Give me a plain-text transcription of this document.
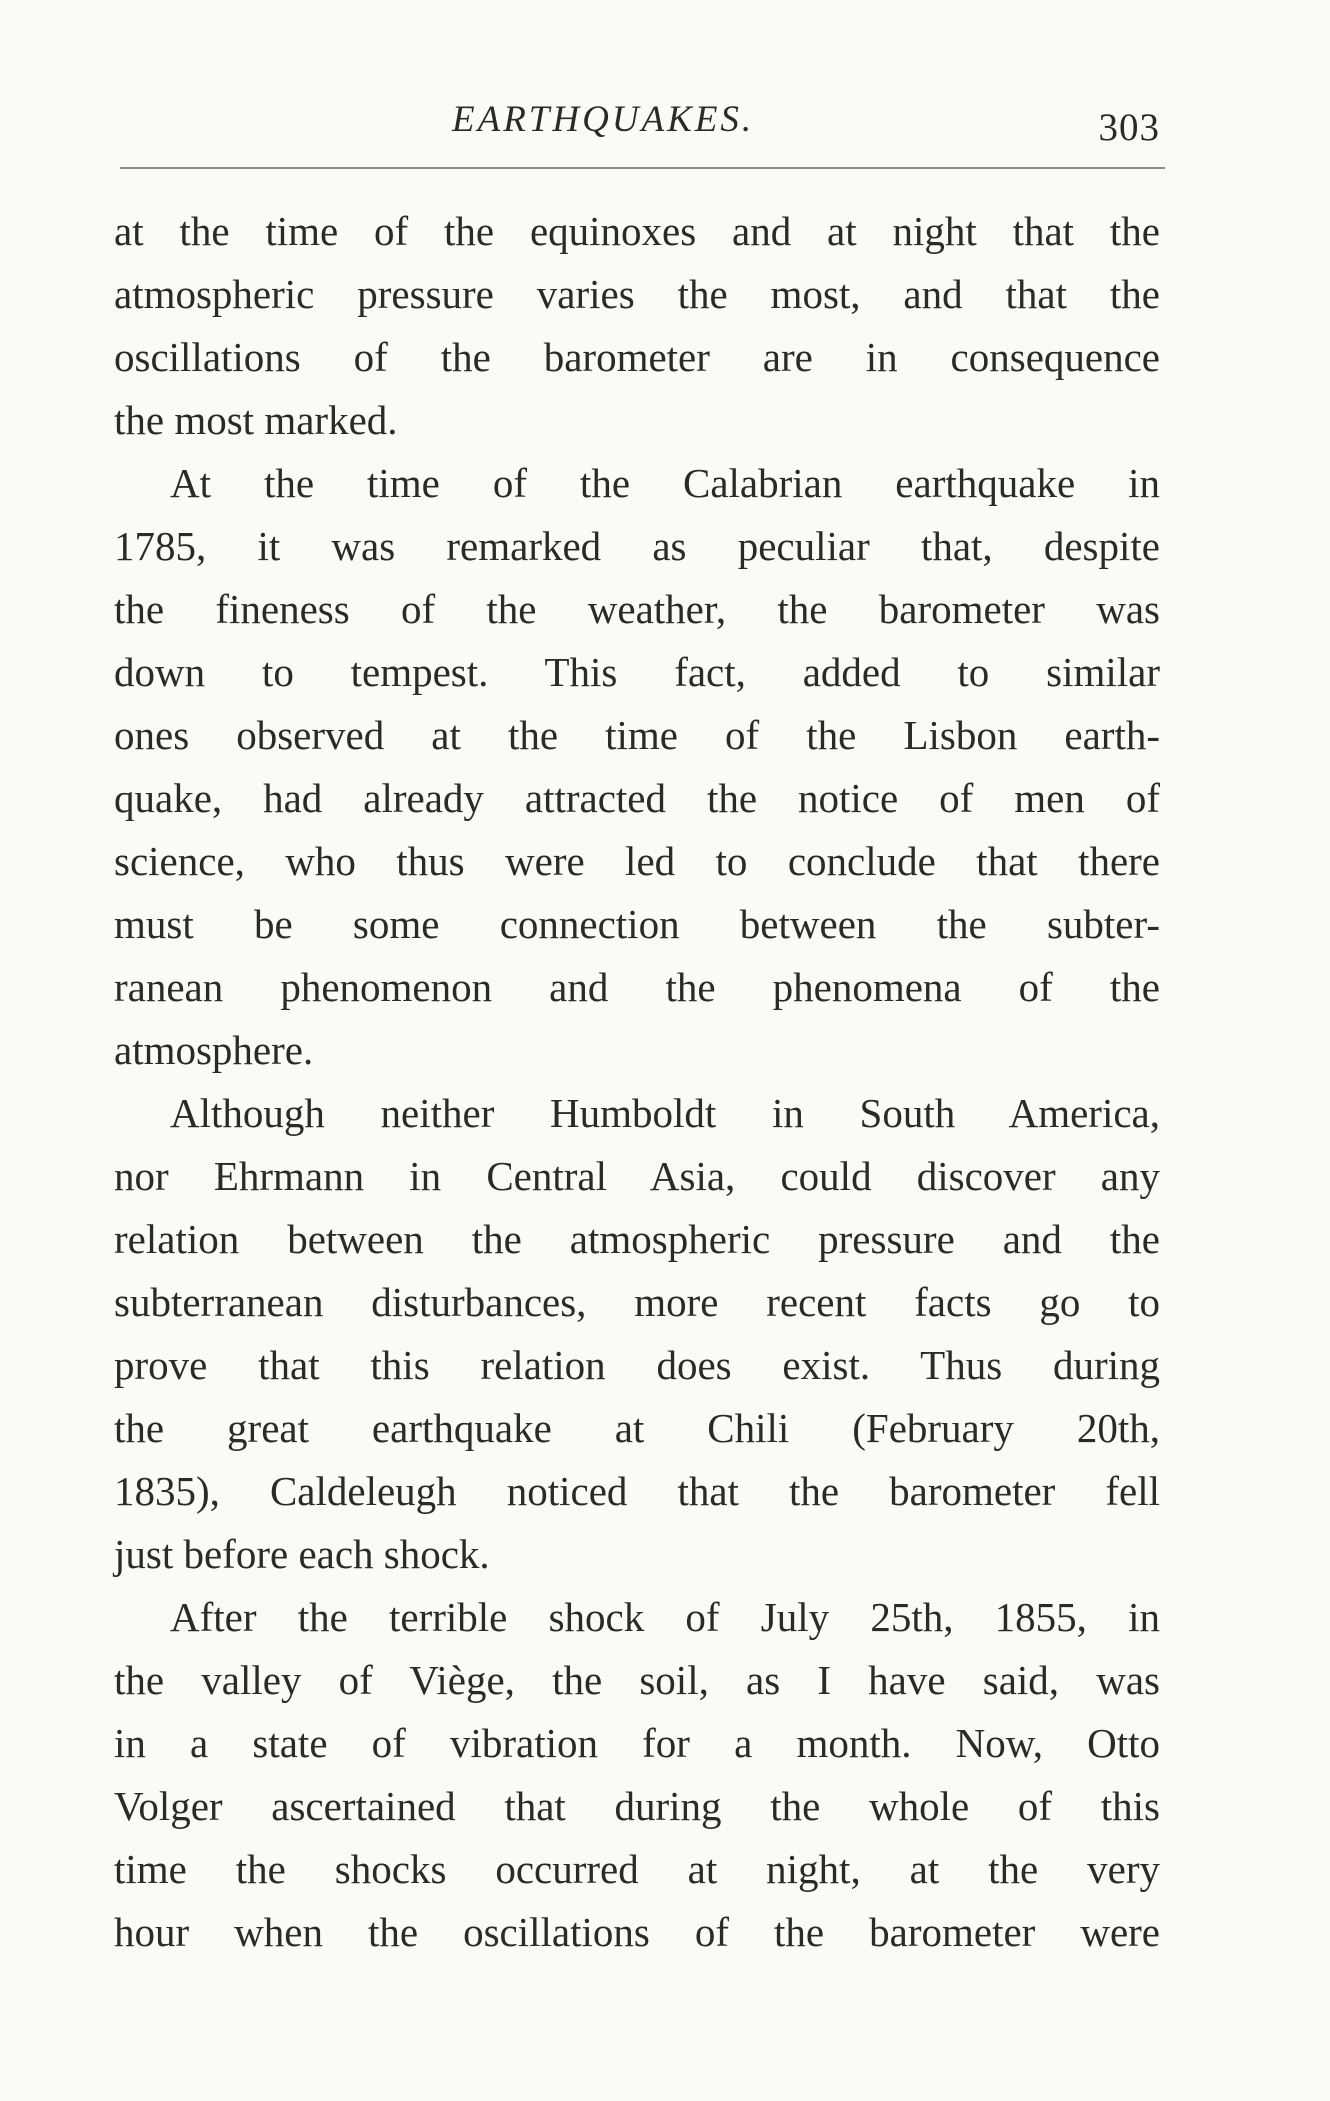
EARTHQUAKES.	303
at the time of the equinoxes and at night that the
atmospheric pressure varies the most, and that the
oscillations of the barometer are in consequence
the most marked.
At the time of the Calabrian earthquake in
1785, it was remarked as peculiar that, despite
the fineness of the weather, the barometer was
down to tempest. This fact, added to similar
ones observed at the time of the Lisbon earth-
quake, had already attracted the notice of men of
science, who thus were led to conclude that there
must be some connection between the subter-
ranean phenomenon and the phenomena of the
atmosphere.
Although neither Humboldt in South America,
nor Ehrmann in Central Asia, could discover any
relation between the atmospheric pressure and the
subterranean disturbances, more recent facts go to
prove that this relation does exist. Thus during
the great earthquake at Chili (February 20th,
1835), Caldeleugh noticed that the barometer fell
just before each shock.
After the terrible shock of July 25th, 1855, in
the valley of Viège, the soil, as I have said, was
in a state of vibration for a month. Now, Otto
Volger ascertained that during the whole of this
time the shocks occurred at night, at the very
hour when the oscillations of the barometer were
